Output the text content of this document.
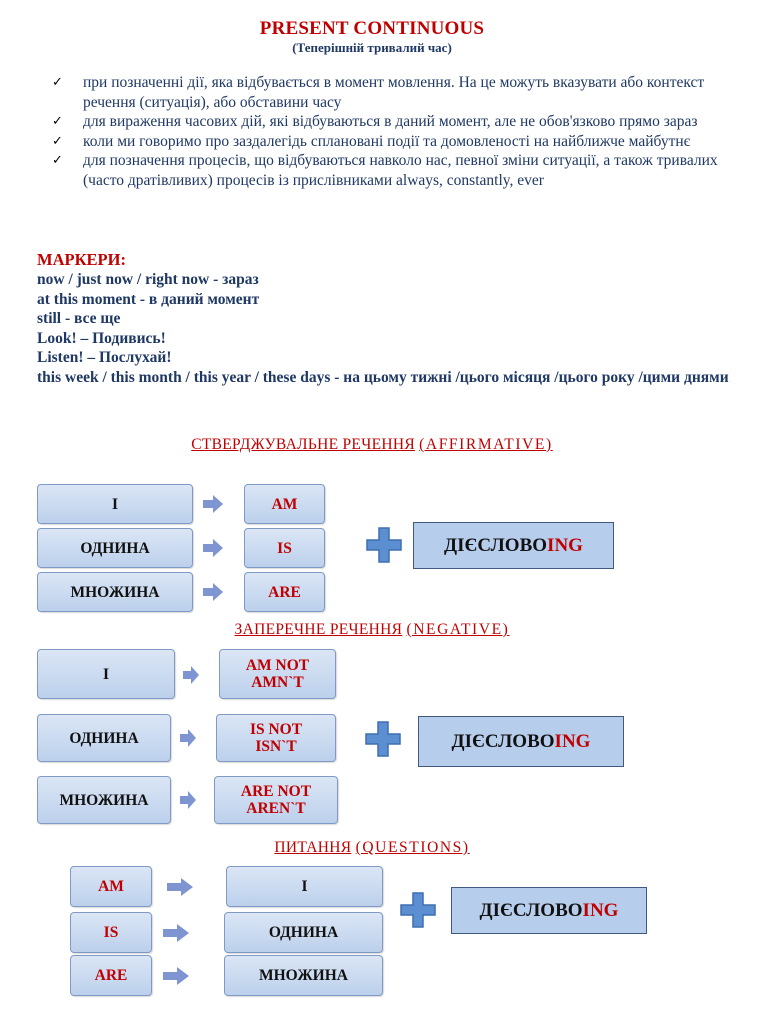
PRESENT CONTINUOUS
(Теперішній тривалий час)
✓ при позначенні дії, яка відбувається в момент мовлення. На це можуть вказувати або контекст речення (ситуація), або обставини часу
✓ для вираження часових дій, які відбуваються в даний момент, але не обов'язково прямо зараз
✓ коли ми говоримо про заздалегідь сплановані події та домовленості на найближче майбутнє
✓ для позначення процесів, що відбуваються навколо нас, певної зміни ситуації, а також тривалих (часто дратівливих) процесів із прислівниками always, constantly, ever
МАРКЕРИ:
now / just now / right now - зараз
at this moment - в даний момент
still - все ще
Look! – Подивись!
Listen! – Послухай!
this week / this month / this year / these days - на цьому тижні /цього місяця /цього року /цими днями
СТВЕРДЖУВАЛЬНЕ РЕЧЕННЯ (AFFIRMATIVE)
I
ОДНИНА
МНОЖИНА
AM
IS
ARE
ДІЄСЛОВО ING
ЗАПЕРЕЧНЕ РЕЧЕННЯ (NEGATIVE)
I
ОДНИНА
МНОЖИНА
AM NOT
AMN`T
IS NOT
ISN`T
ARE NOT
AREN`T
ДІЄСЛОВО ING
ПИТАННЯ (QUESTIONS)
AM
IS
ARE
I
ОДНИНА
МНОЖИНА
ДІЄСЛОВО ING
